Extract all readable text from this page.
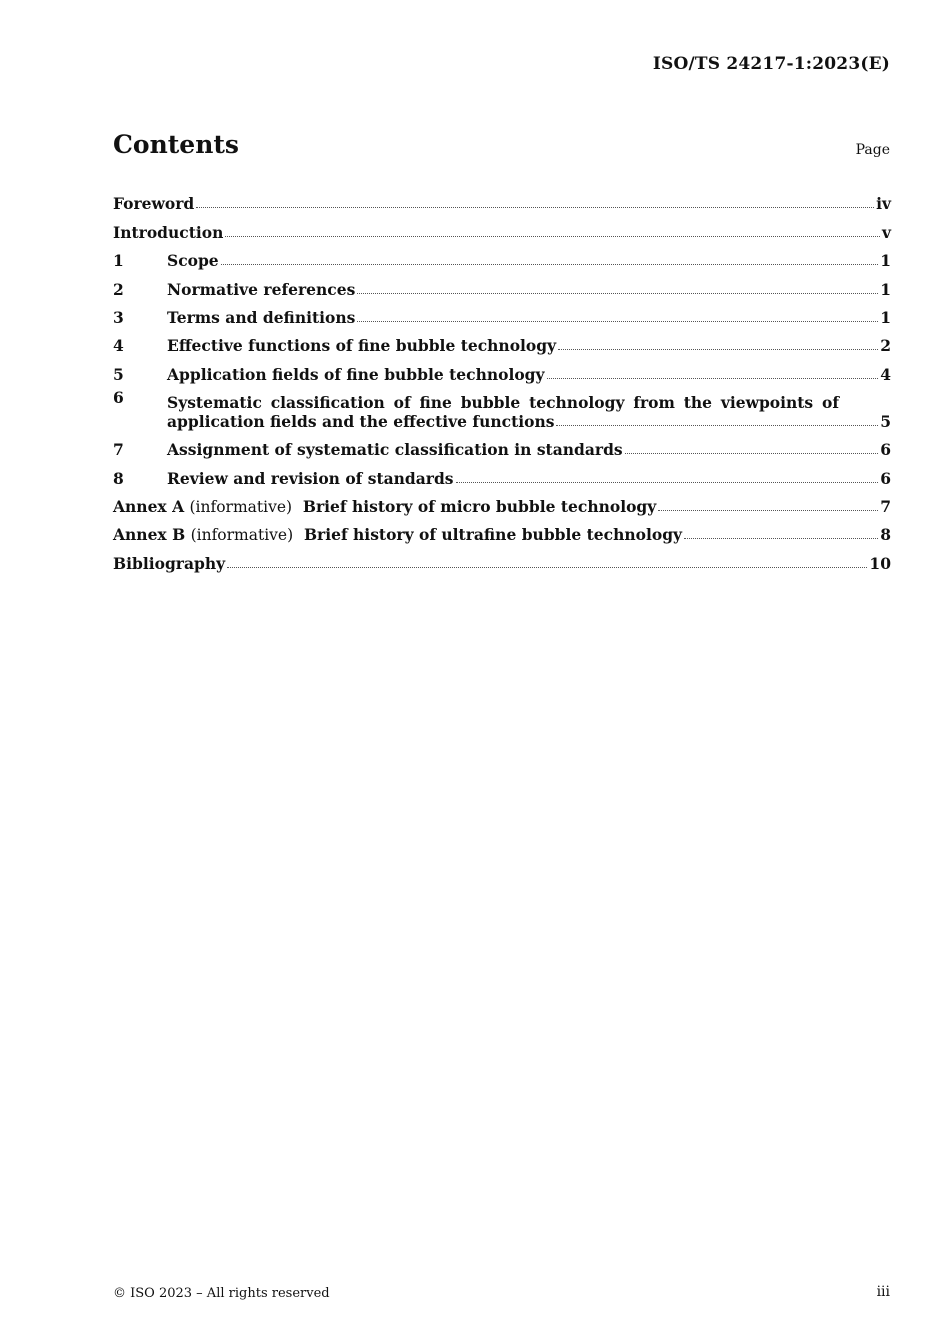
ISO/TS 24217-1:2023(E)
Contents	Page
Foreword	iv
Introduction	v
1	Scope	1
2	Normative references	1
3	Terms and definitions	1
4	Effective functions of fine bubble technology	2
5	Application fields of fine bubble technology	4
6	Systematic classification of fine bubble technology from the viewpoints of
application fields and the effective functions	5
7	Assignment of systematic classification in standards	6
8	Review and revision of standards	6
Annex A (informative) Brief history of micro bubble technology	7
Annex B (informative) Brief history of ultrafine bubble technology	8
Bibliography	10
© ISO 2023 – All rights reserved	iii
